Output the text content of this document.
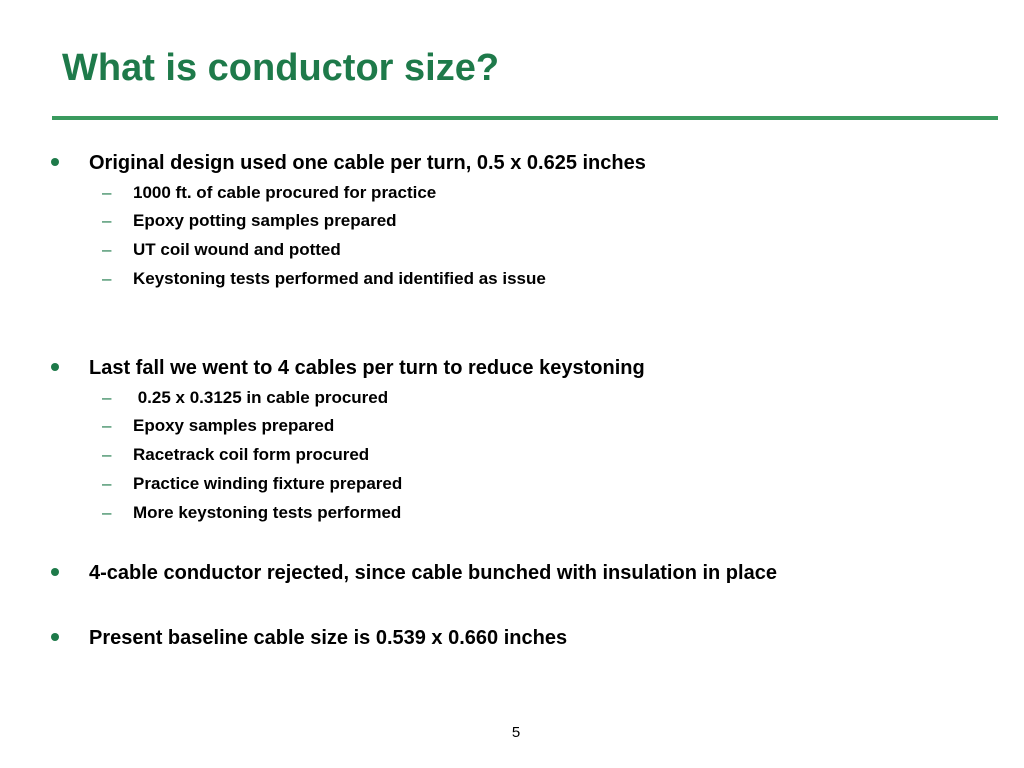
What is conductor size?
Original design used one cable per turn, 0.5 x 0.625 inches
– 1000 ft. of cable procured for practice
– Epoxy potting samples prepared
– UT coil wound and potted
– Keystoning tests performed and identified as issue
Last fall we went to 4 cables per turn to reduce keystoning
– 0.25 x 0.3125 in cable procured
– Epoxy samples prepared
– Racetrack coil form procured
– Practice winding fixture prepared
– More keystoning tests performed
4-cable conductor rejected, since cable bunched with insulation in place
Present baseline cable size is 0.539 x 0.660 inches
5
